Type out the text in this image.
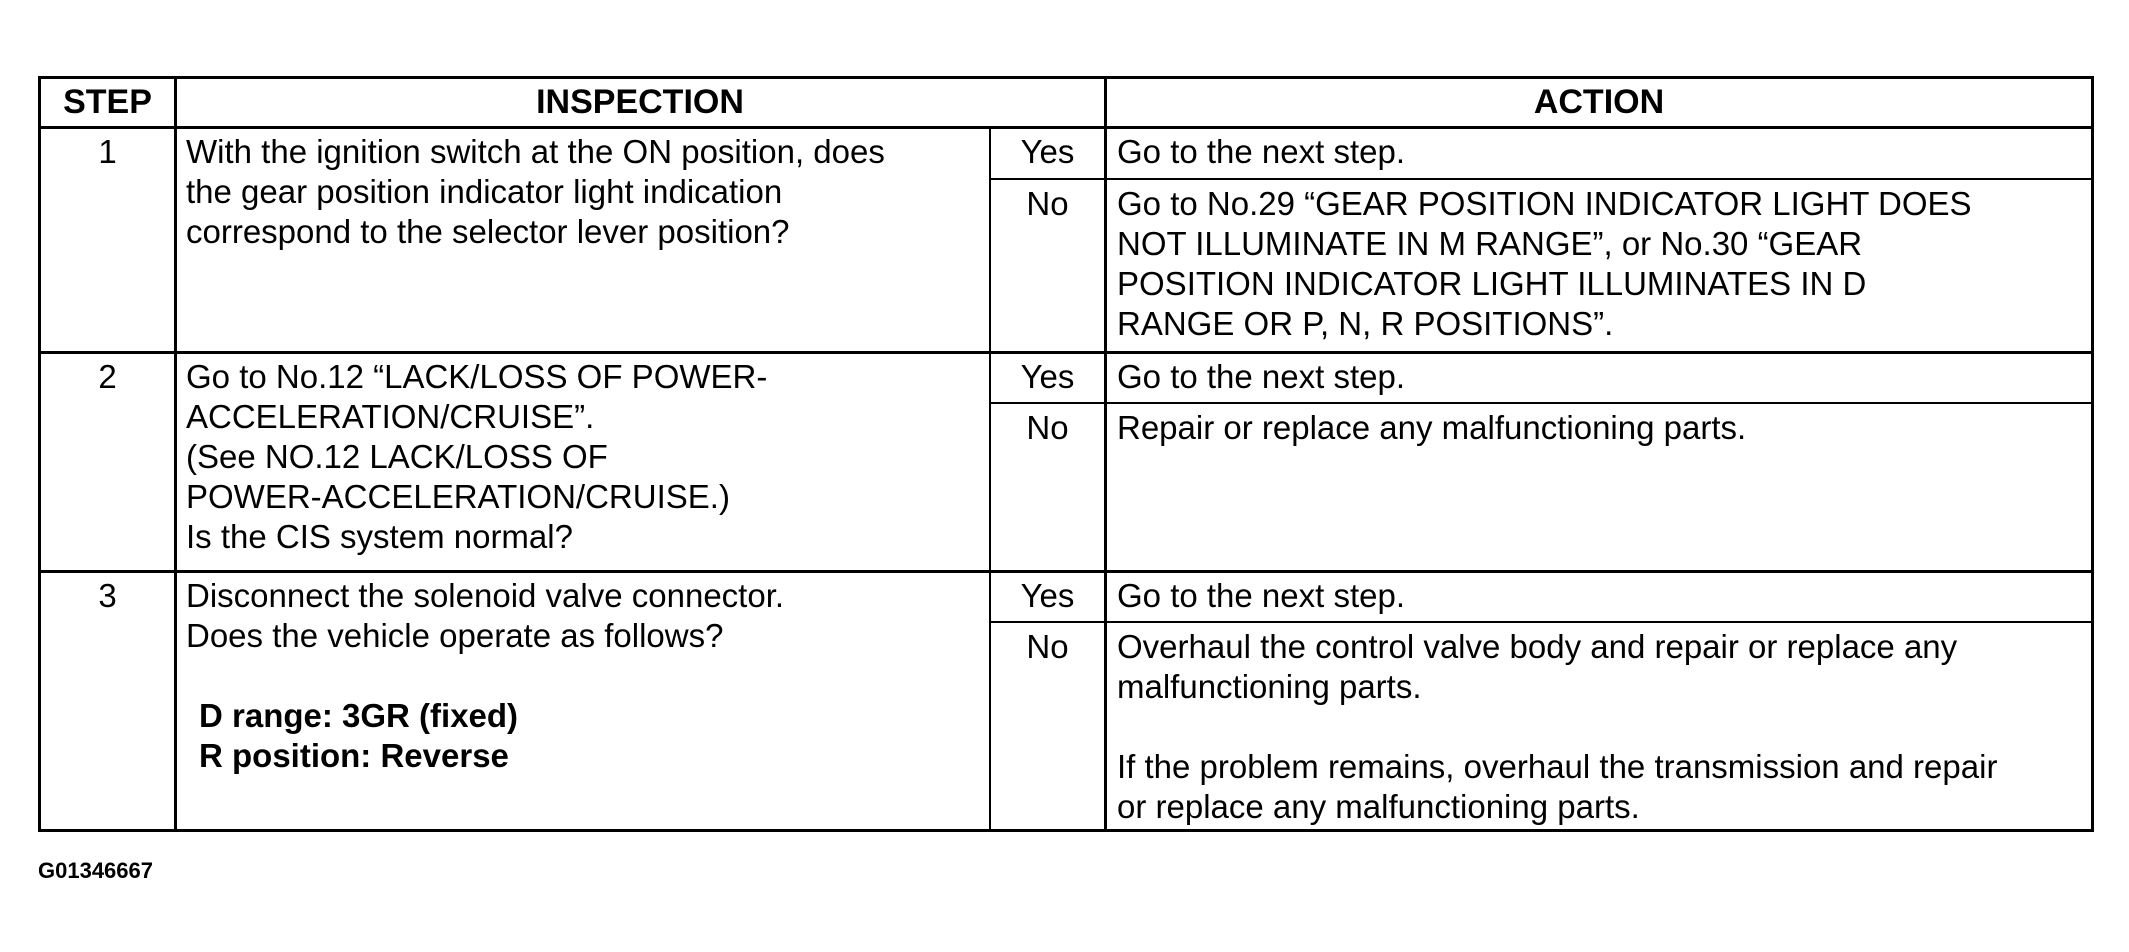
STEP	INSPECTION	ACTION
1	With the ignition switch at the ON position, does
the gear position indicator light indication
correspond to the selector lever position?
Yes	Go to the next step.
No	Go to No.29 “GEAR POSITION INDICATOR LIGHT DOES
NOT ILLUMINATE IN M RANGE”, or No.30 “GEAR
POSITION INDICATOR LIGHT ILLUMINATES IN D
RANGE OR P, N, R POSITIONS”.
2	Go to No.12 “LACK/LOSS OF POWER-
ACCELERATION/CRUISE”.
(See NO.12 LACK/LOSS OF
POWER-ACCELERATION/CRUISE.)
Is the CIS system normal?
Yes	Go to the next step.
No	Repair or replace any malfunctioning parts.
3	Disconnect the solenoid valve connector.
Does the vehicle operate as follows?
D range: 3GR (fixed)
R position: Reverse
Yes	Go to the next step.
No	Overhaul the control valve body and repair or replace any
malfunctioning parts.
If the problem remains, overhaul the transmission and repair
or replace any malfunctioning parts.
G01346667
